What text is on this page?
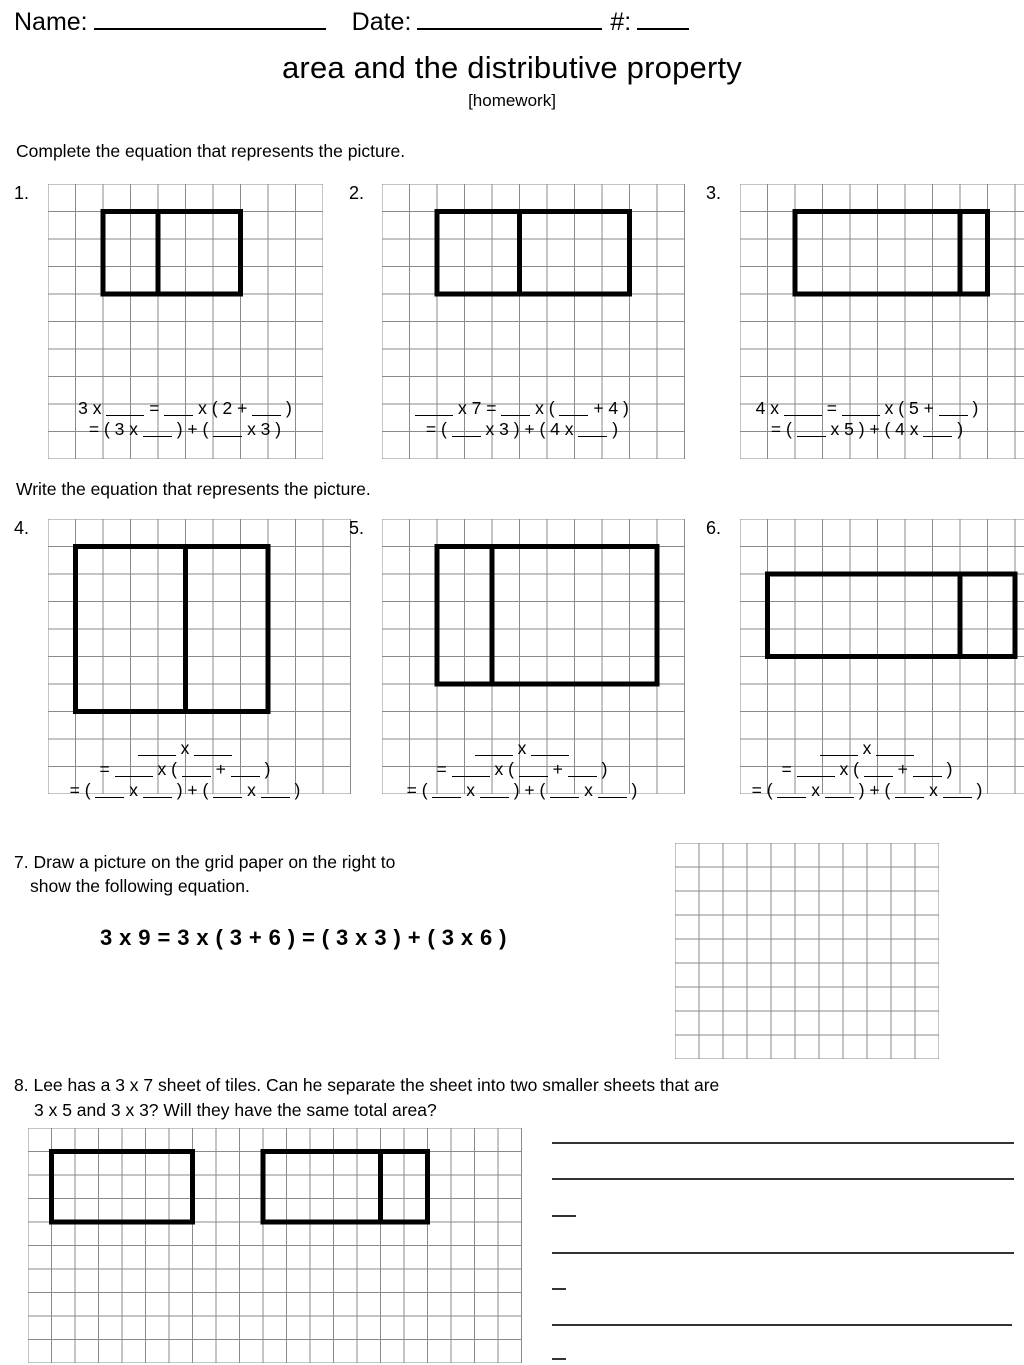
Name:	Date:	#:
area and the distributive property
[homework]
Complete the equation that represents the picture.
Write the equation that represents the picture.
1.
3 x  =  x ( 2 +  )
= ( 3 x  ) + (  x 3 )
2.
x 7 =  x (  + 4 )
= (  x 3 ) + ( 4 x  )
3.
4 x  =  x ( 5 +  )
= (  x 5 ) + ( 4 x  )
4.
x
=  x (  +  )
= (  x  ) + (  x  )
5.
x
=  x (  +  )
= (  x  ) + (  x  )
6.
x
=  x (  +  )
= (  x  ) + (  x  )
7. Draw a picture on the grid paper on the right to
show the following equation.
3 x 9 = 3 x ( 3 + 6 ) = ( 3 x 3 ) + ( 3 x 6 )
8. Lee has a 3 x 7 sheet of tiles. Can he separate the sheet into two smaller sheets that are
3 x 5 and 3 x 3? Will they have the same total area?
